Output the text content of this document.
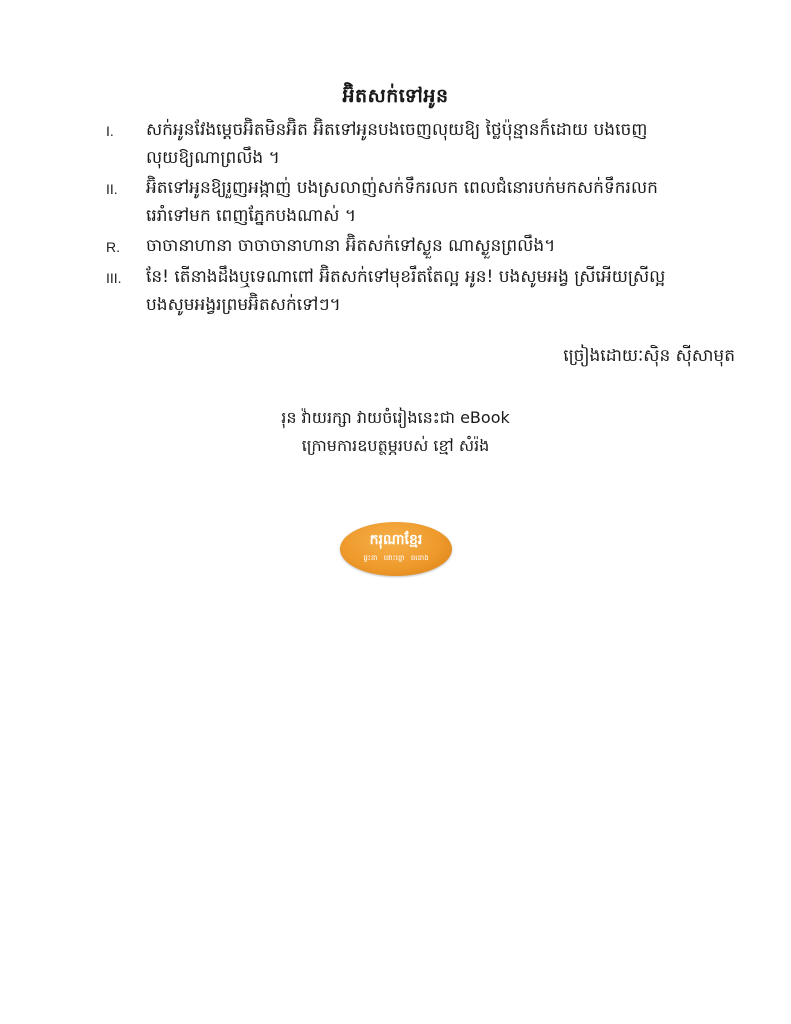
អ៊ិតសក់ទៅអូន
I.	សក់អូនវែងម្ដេចអ៊ិតមិនអ៊ិត អ៊ិតទៅអូនបងចេញលុយឱ្យ ថ្លៃប៉ុន្មានក៏ដោយ បងចេញ
លុយឱ្យណាព្រលឹង ។
II.	អ៊ិតទៅអូនឱ្យរួញអង្កាញ់ បងស្រលាញ់សក់ទឹករលក ពេលជំនោរបក់មកសក់ទឹករលក
រេរាំទៅមក ពេញភ្នែកបងណាស់ ។
R.	ចាចានាហានា ចាចាចានាហានា អ៊ិតសក់ទៅស្ងួន ណាស្ងួនព្រលឹង។
III.	នែ! តើនាងដឹងឬទេណាពៅ អ៊ិតសក់ទៅមុខរឹតតែល្អ អូន! បងសូមអង្វ ស្រីអើយស្រីល្អ
បងសូមអង្វរព្រមអ៊ិតសក់ទៅៗ។
ច្រៀងដោយៈស៊ិន ស៊ីសាមុត
រុន វ៉ាយរក្សា វាយចំរៀងនេះជា eBook
ក្រោមការឧបត្ថម្ភរបស់ ខ្មៅ សំរ៉ង
ករុណាខ្មែរ
ផ្ទះនា ផោះខ្នោ ធនោង
